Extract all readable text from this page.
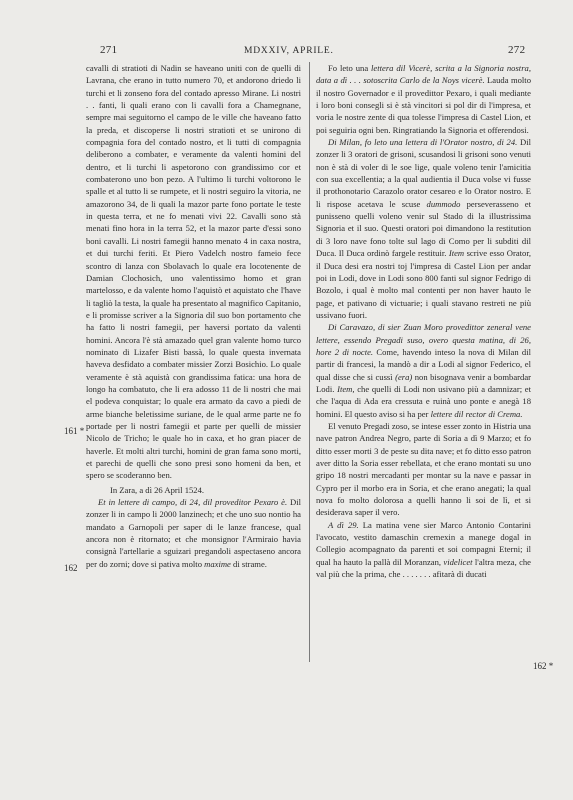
271	MDXXIV, APRILE.	272
161 *
162
162 *

cavalli di stratioti di Nadin se haveano uniti con de quelli di Lavrana, che erano in tutto numero 70, et andorono driedo li turchi et li zonseno fora del contado apresso Mirane. Li nostri . . fanti, li quali erano con li cavalli fora a Chamegnane, sempre mai seguitorno el campo de le ville che haveano fatto la preda, et discoperse li nostri stratioti et se unirono di compagnia fora del contado nostro, et li tutti di compagnia deliberono a combater, e veramente da valenti homini del dentro, et li turchi li aspetorono con grandissimo cor et combaterono uno bon pezo. A l'ultimo li turchi voltorono le spalle et al tutto li se rumpete, et li nostri seguiro la vitoria, ne amazorono 34, de li quali la mazor parte fono portate le teste in questa terra, et ne fo menati vivi 22. Cavalli sono stà menati fino hora in la terra 52, et la mazor parte d'essi sono boni cavalli. Li nostri famegii hanno menato 4 in caxa nostra, et dui turchi feriti. Et Piero Vadelch nostro fameio fece scontro di lanza con Sbolavach lo quale era locotenente de Damian Clochosich, uno valentissimo homo et gran martelosso, e da valente homo l'aquistò et aquistato che l'have li tagliò la testa, la quale ha presentato al magnifico Capitanio, e li promisse scriver a la Signoria dil suo bon portamento che ha fatto li nostri famegii, per haversi portato da valenti homini. Ancora l'è stà amazado quel gran valente homo turco nominato di Lizafer Bisti bassà, lo quale questa invernata haveva desfidato a combater missier Zorzi Bosichio. Lo quale veramente è stà aquistà con grandissima fatica: una hora de longo ha combatuto, che li era adosso 11 de li nostri che mai el podeva conquistar; lo quale era armato da cavo a piedi de arme bianche beletissime suriane, de le qual arme parte ne fo portade per li nostri famegii et parte per quelli de missier Nicolo de Tricho; le quale ho in caxa, et ho gran piacer de haverle. Et molti altri turchi, homini de gran fama sono morti, et parechi de quelli che sono presi sono homeni da ben, et spero se scoderanno ben.

In Zara, a dì 26 April 1524.

Et in lettere di campo, di 24, dil proveditor Pexaro è. Dil zonzer li in campo li 2000 lanzinech; et che uno suo nontio ha mandato a Garnopoli per saper di le lanze francese, qual ancora non è ritornato; et che monsignor l'Armiraio havia consignà l'artellarie a sguizari pregandoli aspectaseno ancora per do zorni; dove si pativa molto maxime di strame.

Fo leto una lettera dil Vicerè, scrita a la Signoria nostra, data a dì . . . sotoscrita Carlo de la Noys vicerè. Lauda molto il nostro Governador e il provedittor Pexaro, i quali mediante i loro boni consegli si è stà vincitori si pol dir di l'impresa, et voria le nostre zente di qua tolesse l'impresa di Castel Lion, et poi seguiria ogni ben. Ringratiando la Signoria et offerendosi.

Di Milan, fo leto una lettera di l'Orator nostro, di 24. Dil zonzer li 3 oratori de grisoni, scusandosi li grisoni sono venuti non è stà di voler di le soe lige, quale voleno tenir l'amicitia con sua excellentia; a la qual audientia il Duca volse vi fusse il prothonotario Carazolo orator cesareo e lo Orator nostro. E li rispose acetava le scuse dummodo perseverasseno et punisseno quelli voleno venir sul Stado di la illustrissima Signoria et il suo. Questi oratori poi dimandono la restitution di 3 loro nave fono tolte sul lago di Como per li subditi dil Duca. Il Duca ordinò fargele restituir. Item scrive esso Orator, il Duca desi era nostri toj l'impresa di Castel Lion per andar poi in Lodi, dove in Lodi sono 800 fanti sul signor Fedrigo di Bozolo, i qual è molto mal contenti per non haver hauto le page, et pativano di victuarie; i quali stavano restreti ne più ussivano fuori.

Di Caravazo, di sier Zuan Moro provedittor zeneral vene lettere, essendo Pregadi suso, overo questa matina, di 26, hore 2 di nocte. Come, havendo inteso la nova di Milan dil partir di francesi, la mandò a dir a Lodi al signor Federico, el qual disse che si cussì (era) non bisognava venir a bombardar Lodi. Item, che quelli di Lodi non usivano più a damnizar; et che l'aqua di Ada era cressuta e ruinà uno ponte e anegà 18 homini. El questo aviso si ha per lettere dil rector di Crema.

El venuto Pregadi zoso, se intese esser zonto in Histria una nave patron Andrea Negro, parte di Soria a dì 9 Marzo; et fo ditto esser morti 3 de peste su dita nave; et fo ditto esso patron aver ditto la Soria esser rebellata, et che erano montati su uno gripo 18 nostri mercadanti per montar su la nave e passar in Cypro per il morbo era in Soria, et che erano anegati; la qual nova fo molto dolorosa a quelli hanno li soi de lì, et si desiderava saper il vero.

A dì 29. La matina vene sier Marco Antonio Contarini l'avocato, vestito damaschin cremexin a manege dogal in Collegio acompagnato da parenti et soi compagni Eterni; il qual ha hauto la pallà dil Moranzan, videlicet l'altra meza, che val più che la prima, che . . . . . . . afitarà di ducati
